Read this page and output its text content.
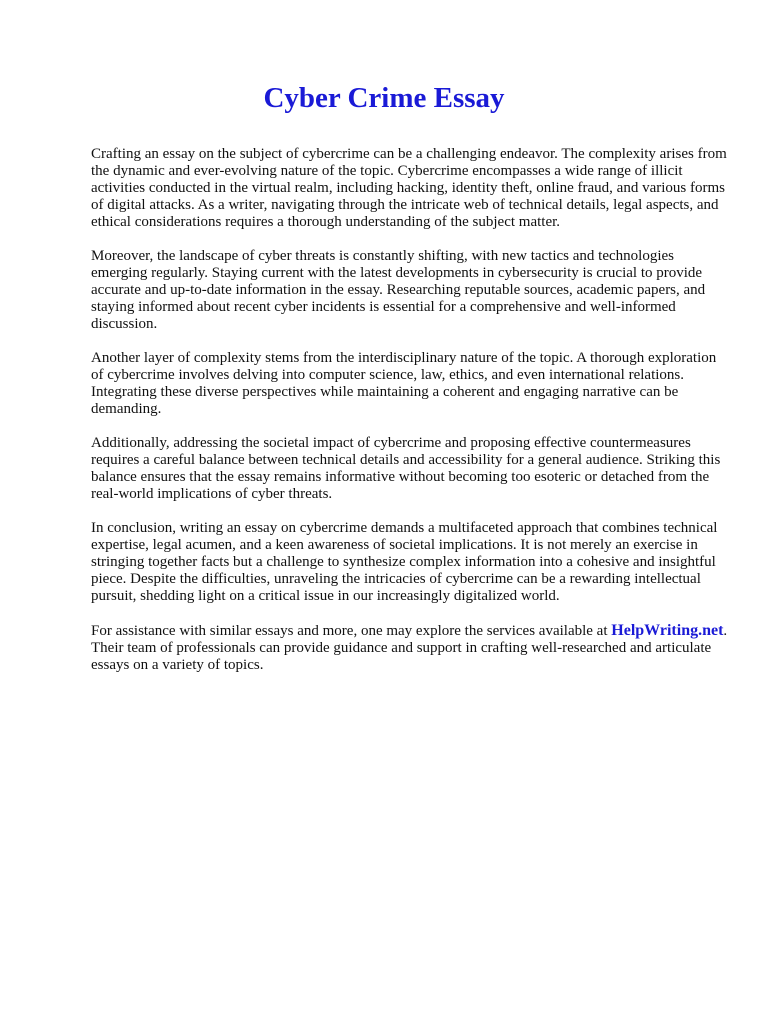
Cyber Crime Essay

Crafting an essay on the subject of cybercrime can be a challenging endeavor. The complexity arises from the dynamic and ever-evolving nature of the topic. Cybercrime encompasses a wide range of illicit activities conducted in the virtual realm, including hacking, identity theft, online fraud, and various forms of digital attacks. As a writer, navigating through the intricate web of technical details, legal aspects, and ethical considerations requires a thorough understanding of the subject matter.

Moreover, the landscape of cyber threats is constantly shifting, with new tactics and technologies emerging regularly. Staying current with the latest developments in cybersecurity is crucial to provide accurate and up-to-date information in the essay. Researching reputable sources, academic papers, and staying informed about recent cyber incidents is essential for a comprehensive and well-informed discussion.

Another layer of complexity stems from the interdisciplinary nature of the topic. A thorough exploration of cybercrime involves delving into computer science, law, ethics, and even international relations. Integrating these diverse perspectives while maintaining a coherent and engaging narrative can be demanding.

Additionally, addressing the societal impact of cybercrime and proposing effective countermeasures requires a careful balance between technical details and accessibility for a general audience. Striking this balance ensures that the essay remains informative without becoming too esoteric or detached from the real-world implications of cyber threats.

In conclusion, writing an essay on cybercrime demands a multifaceted approach that combines technical expertise, legal acumen, and a keen awareness of societal implications. It is not merely an exercise in stringing together facts but a challenge to synthesize complex information into a cohesive and insightful piece. Despite the difficulties, unraveling the intricacies of cybercrime can be a rewarding intellectual pursuit, shedding light on a critical issue in our increasingly digitalized world.

For assistance with similar essays and more, one may explore the services available at HelpWriting.net. Their team of professionals can provide guidance and support in crafting well-researched and articulate essays on a variety of topics.
